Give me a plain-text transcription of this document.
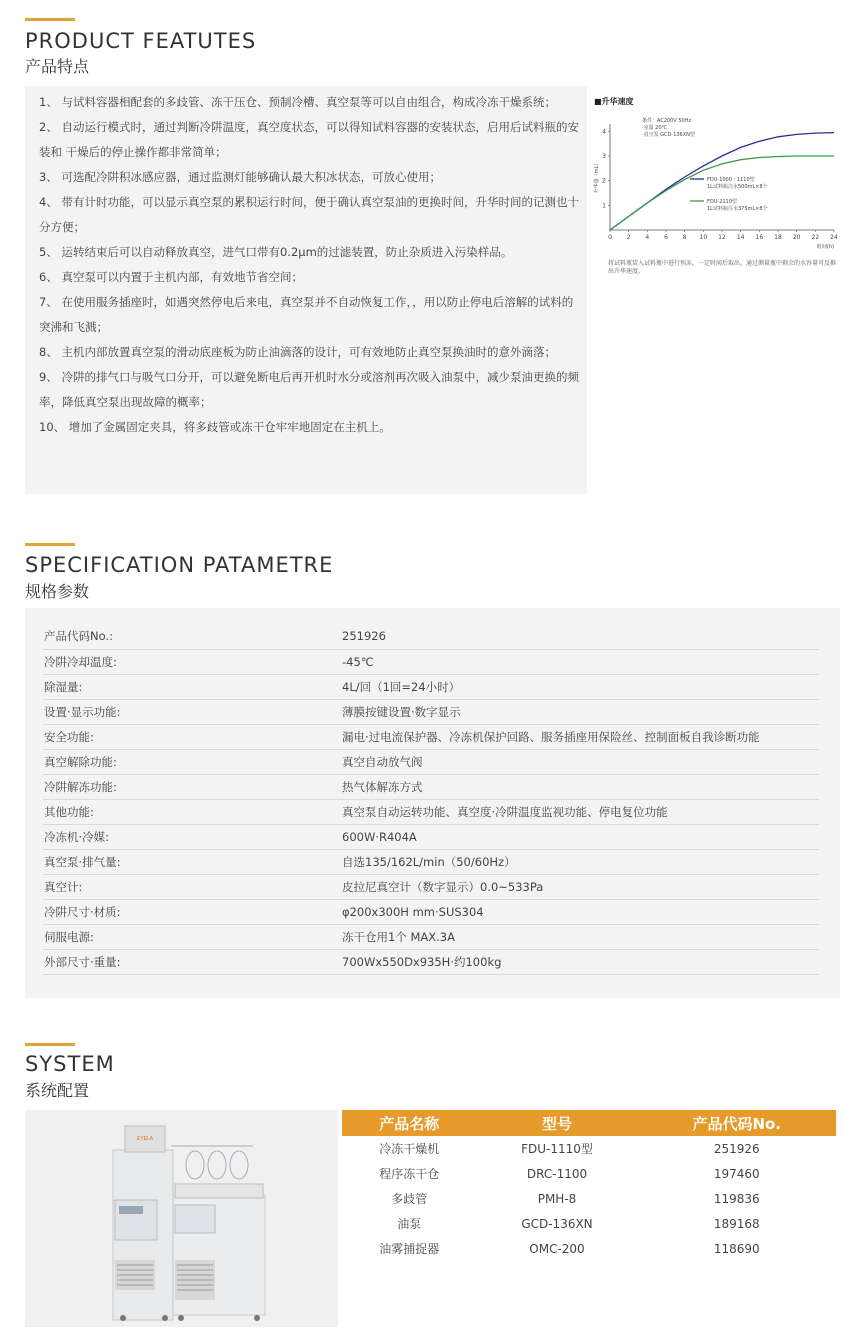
PRODUCT FEATUTES
产品特点
1、 与试料容器相配套的多歧管、冻干压仓、预制冷槽、真空泵等可以自由组合，构成冷冻干燥系统；
2、 自动运行模式时，通过判断冷阱温度，真空度状态，可以得知试料容器的安装状态，启用后试料瓶的安装和 干燥后的停止操作都非常简单；
3、 可选配冷阱积冰感应器，通过监测灯能够确认最大积冰状态，可放心使用；
4、 带有计时功能，可以显示真空泵的累积运行时间，便于确认真空泵油的更换时间，升华时间的记测也十分方便；
5、 运转结束后可以自动释放真空，进气口带有0.2μm的过滤装置，防止杂质进入污染样品。
6、 真空泵可以内置于主机内部，有效地节省空间；
7、 在使用服务插座时，如遇突然停电后来电，真空泵并不自动恢复工作，，用以防止停电后溶解的试料的突沸和飞溅；
8、 主机内部放置真空泵的滑动底座板为防止油滴落的设计，可有效地防止真空泵换油时的意外滴落；
9、 冷阱的排气口与吸气口分开，可以避免断电后再开机时水分或溶剂再次吸入油泵中，减少泵油更换的频率，降低真空泵出现故障的概率；
10、 增加了金属固定夹具，将多歧管或冻干仓牢牢地固定在主机上。
■升华速度
0 2 4 6 8 10 12 14 16 18 20 22 24
1
2
3
4
时间(h)
升华量（mL）
条件：AC200V 50Hz
·室温 20℃
·真空泵 GCD-136XN型
FDU-1000・1110型
1L试料瓶注水500mL×8个
FDU-2110型
1L试料瓶注水375mL×8个
将试料瓶装入试料瓶中进行预冻，一定时间后取出，通过测量瓶中剩余的水容量可反推出升华速度。
SPECIFICATION PATAMETRE
规格参数
产品代码No.:	251926
冷阱冷却温度:	-45℃
除湿量:	4L/回（1回=24小时）
设置·显示功能:	薄膜按键设置·数字显示
安全功能:	漏电·过电流保护器、冷冻机保护回路、服务插座用保险丝、控制面板自我诊断功能
真空解除功能:	真空自动放气阀
冷阱解冻功能:	热气体解冻方式
其他功能:	真空泵自动运转功能、真空度·冷阱温度监视功能、停电复位功能
冷冻机·冷媒:	600W·R404A
真空泵·排气量:	自选135/162L/min（50/60Hz）
真空计:	皮拉尼真空计（数字显示）0.0~533Pa
冷阱尺寸·材质:	φ200x300H mm·SUS304
伺服电源:	冻干仓用1个 MAX.3A
外部尺寸·重量:	700Wx550Dx935H·约100kg
SYSTEM
系统配置
EYELA
产品名称	型号	产品代码No.
冷冻干燥机	FDU-1110型	251926
程序冻干仓	DRC-1100	197460
多歧管	PMH-8	119836
油泵	GCD-136XN	189168
油雾捕捉器	OMC-200	118690
